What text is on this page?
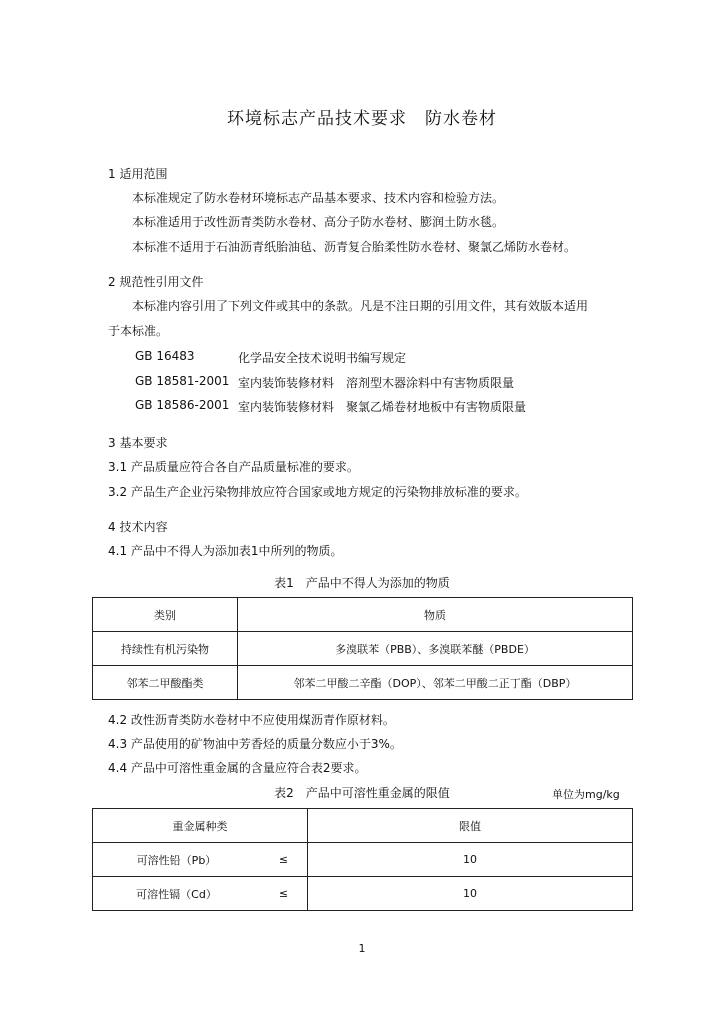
环境标志产品技术要求　防水卷材
1 适用范围
本标准规定了防水卷材环境标志产品基本要求、技术内容和检验方法。
本标准适用于改性沥青类防水卷材、高分子防水卷材、膨润土防水毯。
本标准不适用于石油沥青纸胎油毡、沥青复合胎柔性防水卷材、聚氯乙烯防水卷材。
2 规范性引用文件
本标准内容引用了下列文件或其中的条款。凡是不注日期的引用文件，其有效版本适用
于本标准。
GB 16483	化学品安全技术说明书编写规定
GB 18581-2001 室内装饰装修材料　溶剂型木器涂料中有害物质限量
GB 18586-2001 室内装饰装修材料　聚氯乙烯卷材地板中有害物质限量
3 基本要求
3.1 产品质量应符合各自产品质量标准的要求。
3.2 产品生产企业污染物排放应符合国家或地方规定的污染物排放标准的要求。
4 技术内容
4.1 产品中不得人为添加表1中所列的物质。
表1　产品中不得人为添加的物质
类别	物质
持续性有机污染物	多溴联苯（PBB）、多溴联苯醚（PBDE）
邻苯二甲酸酯类	邻苯二甲酸二辛酯（DOP）、邻苯二甲酸二正丁酯（DBP）
4.2 改性沥青类防水卷材中不应使用煤沥青作原材料。
4.3 产品使用的矿物油中芳香烃的质量分数应小于3%。
4.4 产品中可溶性重金属的含量应符合表2要求。
表2　产品中可溶性重金属的限值	单位为mg/kg
重金属种类		限值
可溶性铅（Pb）	≤	10
可溶性镉（Cd）	≤	10
1
